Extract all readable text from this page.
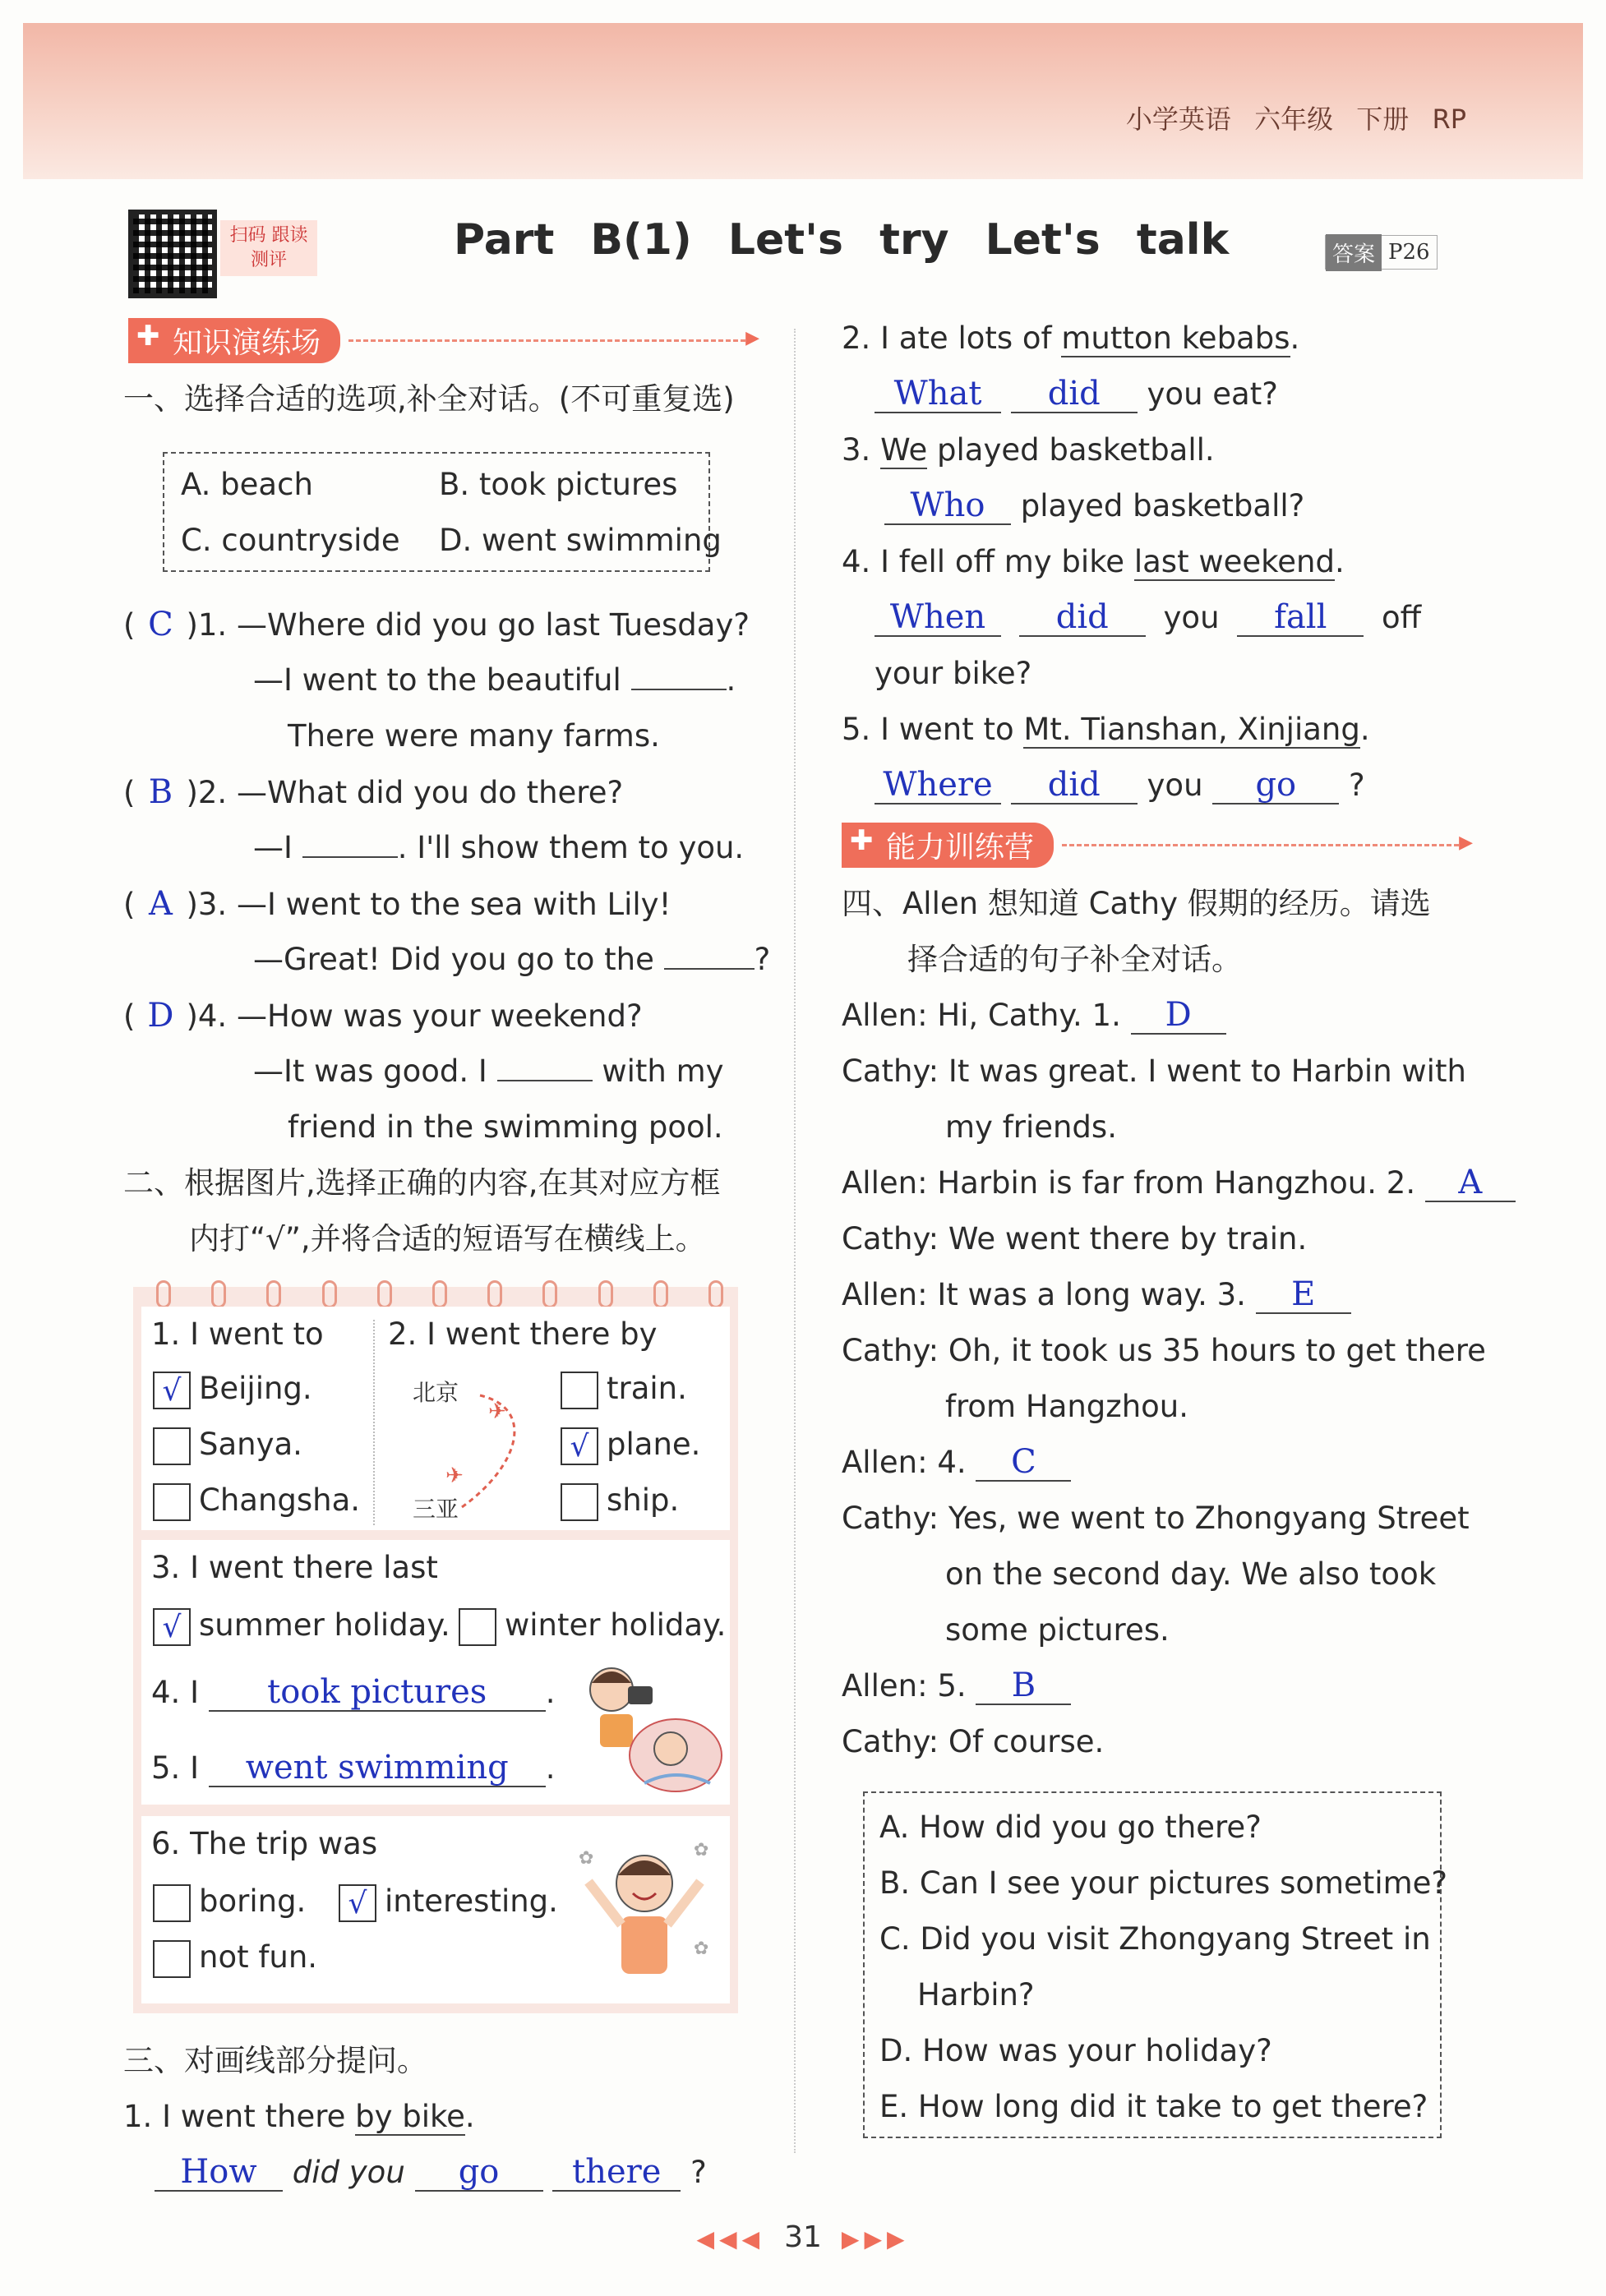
小学英语 六年级 下册 RP
扫码 跟读测评	Part B(1) Let's try Let's talk	答案 P26
✚ 知识演练场
▶
一、选择合适的选项,补全对话。(不可重复选)
A. beach	B. took pictures
C. countryside D. went swimming
( C )1. —Where did you go last Tuesday?
—I went to the beautiful	.
There were many farms.
( B )2. —What did you do there?
—I	. I'll show them to you.
( A )3. —I went to the sea with Lily!
—Great! Did you go to the	?
( D )4. —How was your weekend?
—It was good. I	with my
friend in the swimming pool.
二、根据图片,选择正确的内容,在其对应方框
内打“√”,并将合适的短语写在横线上。
1. I went to
√ Beijing.
Sanya.
Changsha.
2. I went there by
北京
三亚
✈
✈
train.
√ plane.
ship.
3. I went there last
√ summer holiday.	winter holiday.
4. I took pictures .
5. I went swimming .
6. The trip was
boring.	√ interesting.
not fun.
✿	✿
✿
三、对画线部分提问。
1. I went there by bike.
How did you go there ?
2. I ate lots of mutton kebabs.
What did you eat?
3. We played basketball.
Who played basketball?
4. I fell off my bike last weekend.
When did you fall off
your bike?
5. I went to Mt. Tianshan, Xinjiang.
Where did you go ?
✚ 能力训练营
▶
四、Allen 想知道 Cathy 假期的经历。请选
择合适的句子补全对话。
Allen: Hi, Cathy. 1. D
Cathy: It was great. I went to Harbin with
my friends.
Allen: Harbin is far from Hangzhou. 2. A
Cathy: We went there by train.
Allen: It was a long way. 3. E
Cathy: Oh, it took us 35 hours to get there
from Hangzhou.
Allen: 4. C
Cathy: Yes, we went to Zhongyang Street
on the second day. We also took
some pictures.
Allen: 5. B
Cathy: Of course.
A. How did you go there?
B. Can I see your pictures sometime?
C. Did you visit Zhongyang Street in
Harbin?
D. How was your holiday?
E. How long did it take to get there?
◀◀◀ 31 ▶▶▶
